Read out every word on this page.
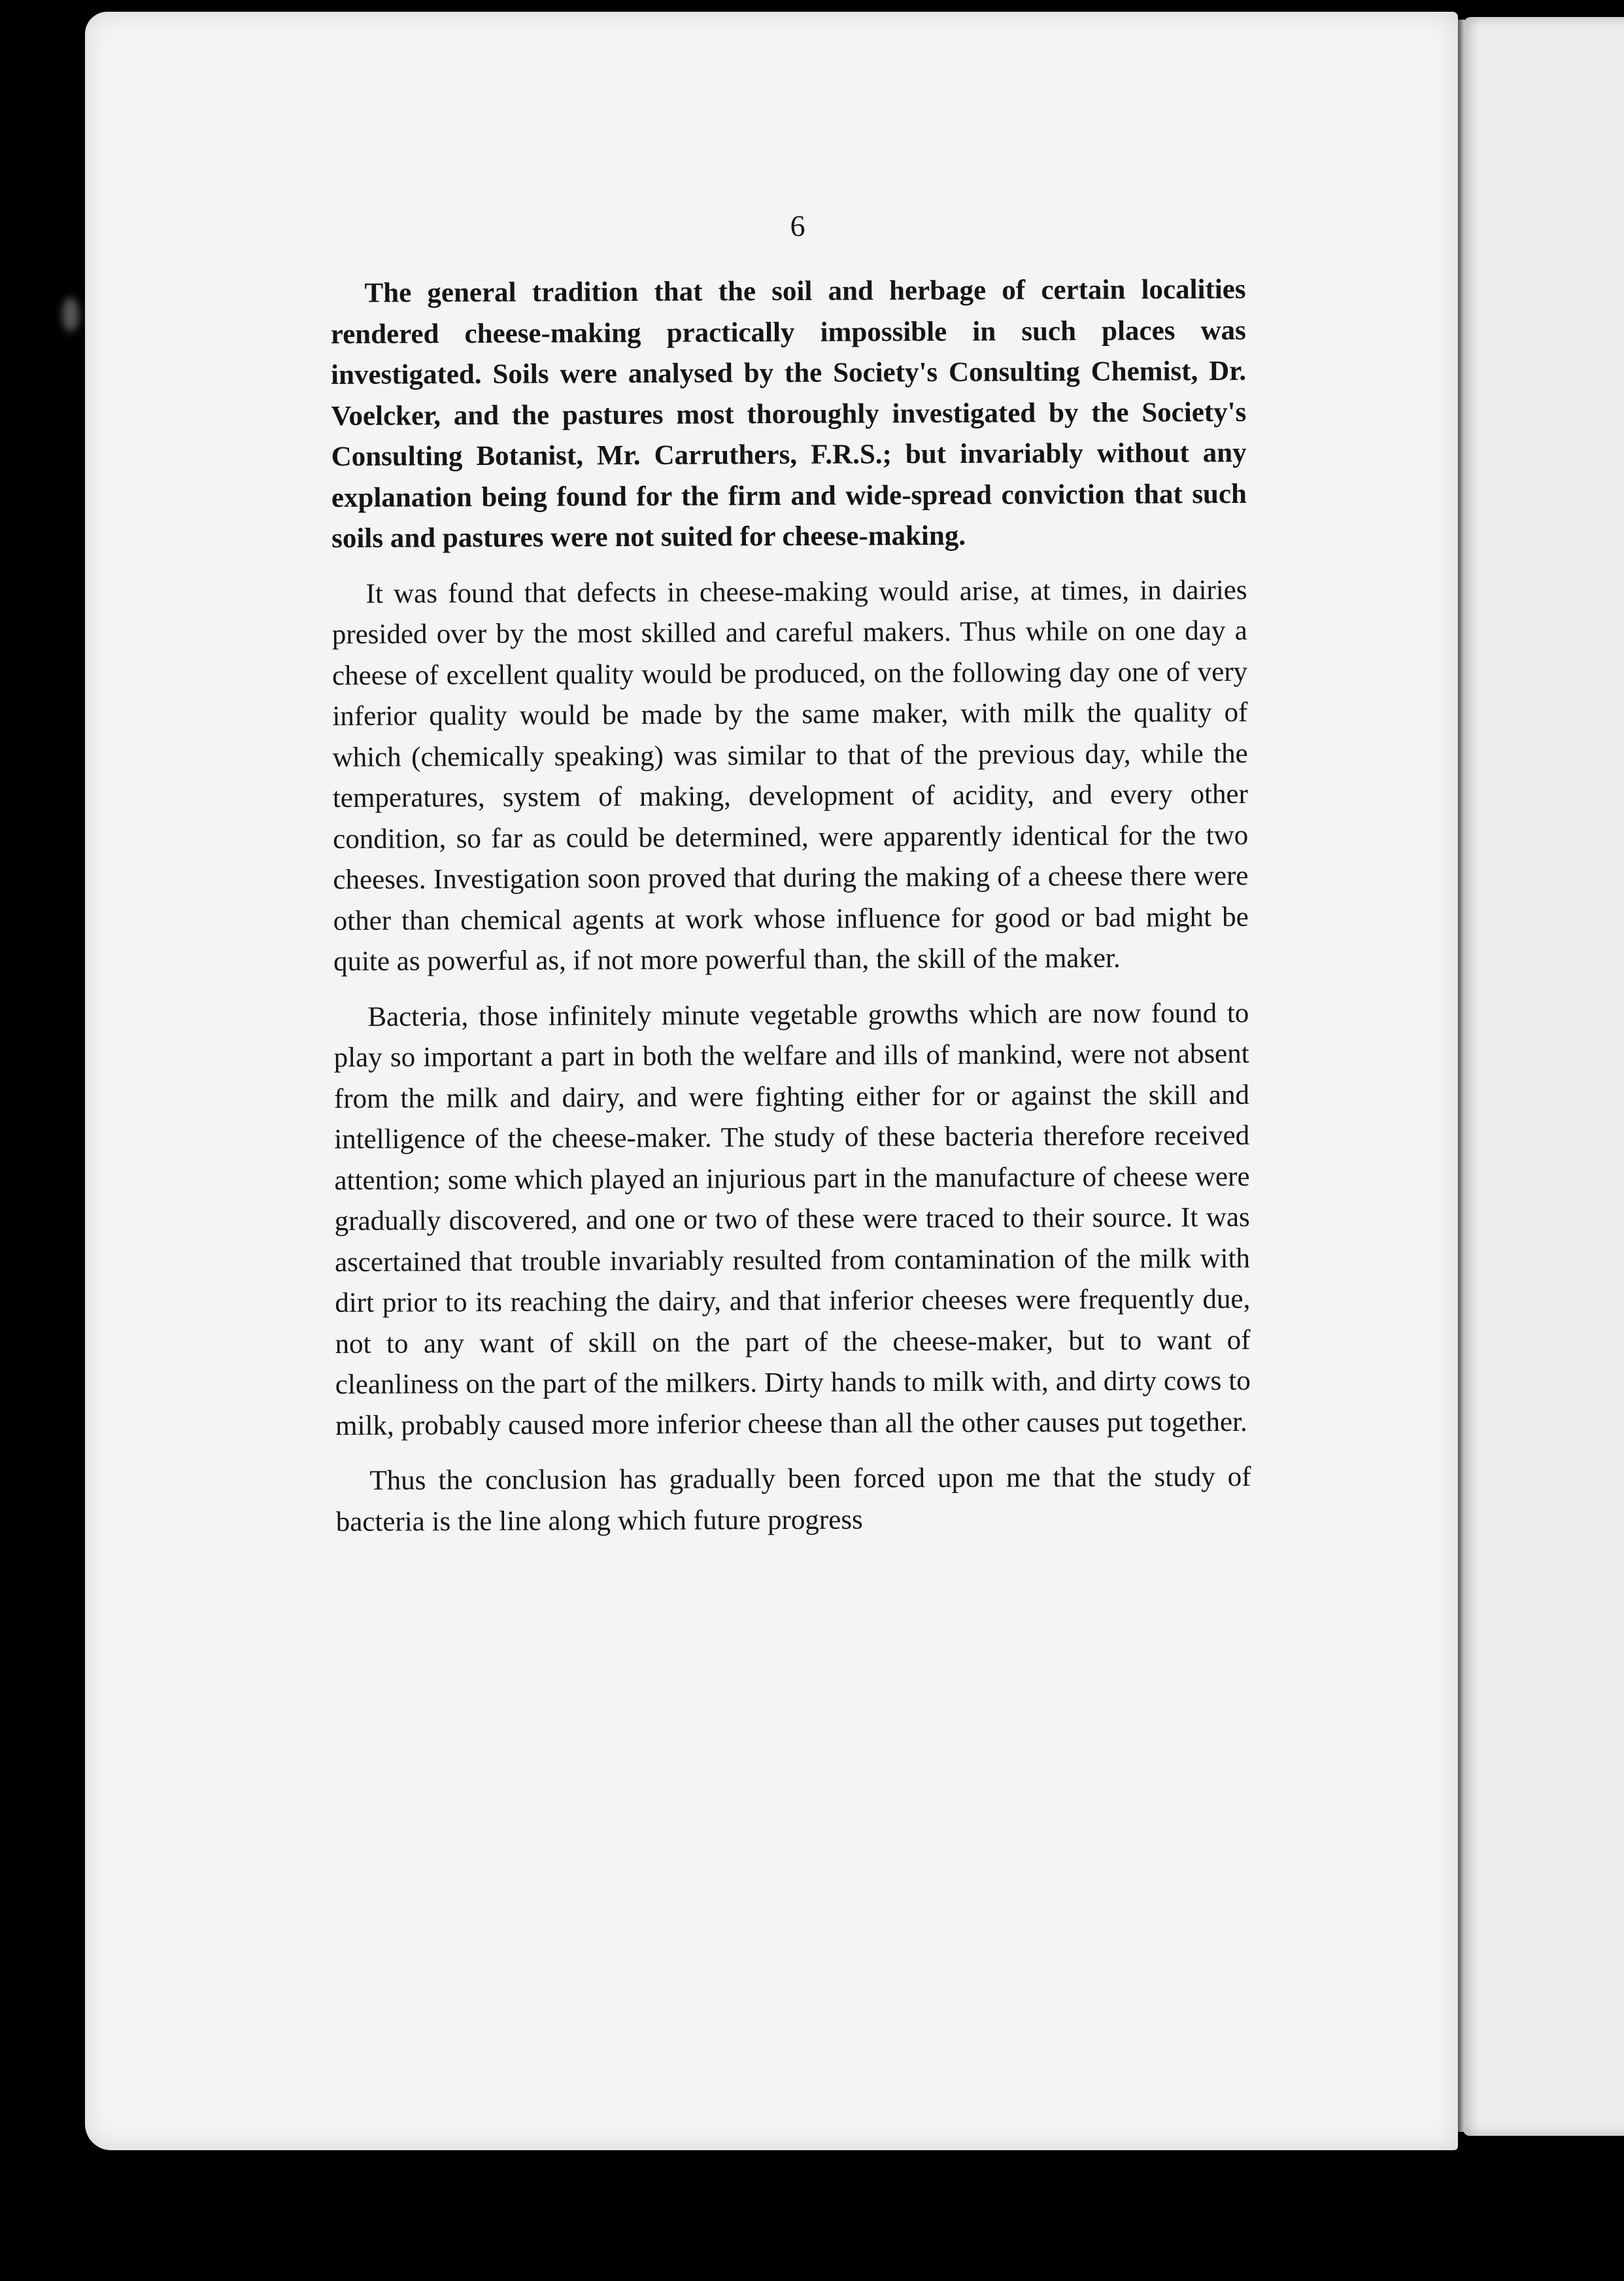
6

The general tradition that the soil and herbage of certain localities rendered cheese-making practically impossible in such places was investigated. Soils were analysed by the Society's Consulting Chemist, Dr. Voelcker, and the pastures most thoroughly investigated by the Society's Consulting Botanist, Mr. Carruthers, F.R.S.; but invariably without any explanation being found for the firm and wide-spread conviction that such soils and pastures were not suited for cheese-making.

It was found that defects in cheese-making would arise, at times, in dairies presided over by the most skilled and careful makers. Thus while on one day a cheese of excellent quality would be produced, on the following day one of very inferior quality would be made by the same maker, with milk the quality of which (chemically speaking) was similar to that of the previous day, while the temperatures, system of making, development of acidity, and every other condition, so far as could be determined, were apparently identical for the two cheeses. Investigation soon proved that during the making of a cheese there were other than chemical agents at work whose influence for good or bad might be quite as powerful as, if not more powerful than, the skill of the maker.

Bacteria, those infinitely minute vegetable growths which are now found to play so important a part in both the welfare and ills of mankind, were not absent from the milk and dairy, and were fighting either for or against the skill and intelligence of the cheese-maker. The study of these bacteria therefore received attention; some which played an injurious part in the manufacture of cheese were gradually discovered, and one or two of these were traced to their source. It was ascertained that trouble invariably resulted from contamination of the milk with dirt prior to its reaching the dairy, and that inferior cheeses were frequently due, not to any want of skill on the part of the cheese-maker, but to want of cleanliness on the part of the milkers. Dirty hands to milk with, and dirty cows to milk, probably caused more inferior cheese than all the other causes put together.

Thus the conclusion has gradually been forced upon me that the study of bacteria is the line along which future progress
